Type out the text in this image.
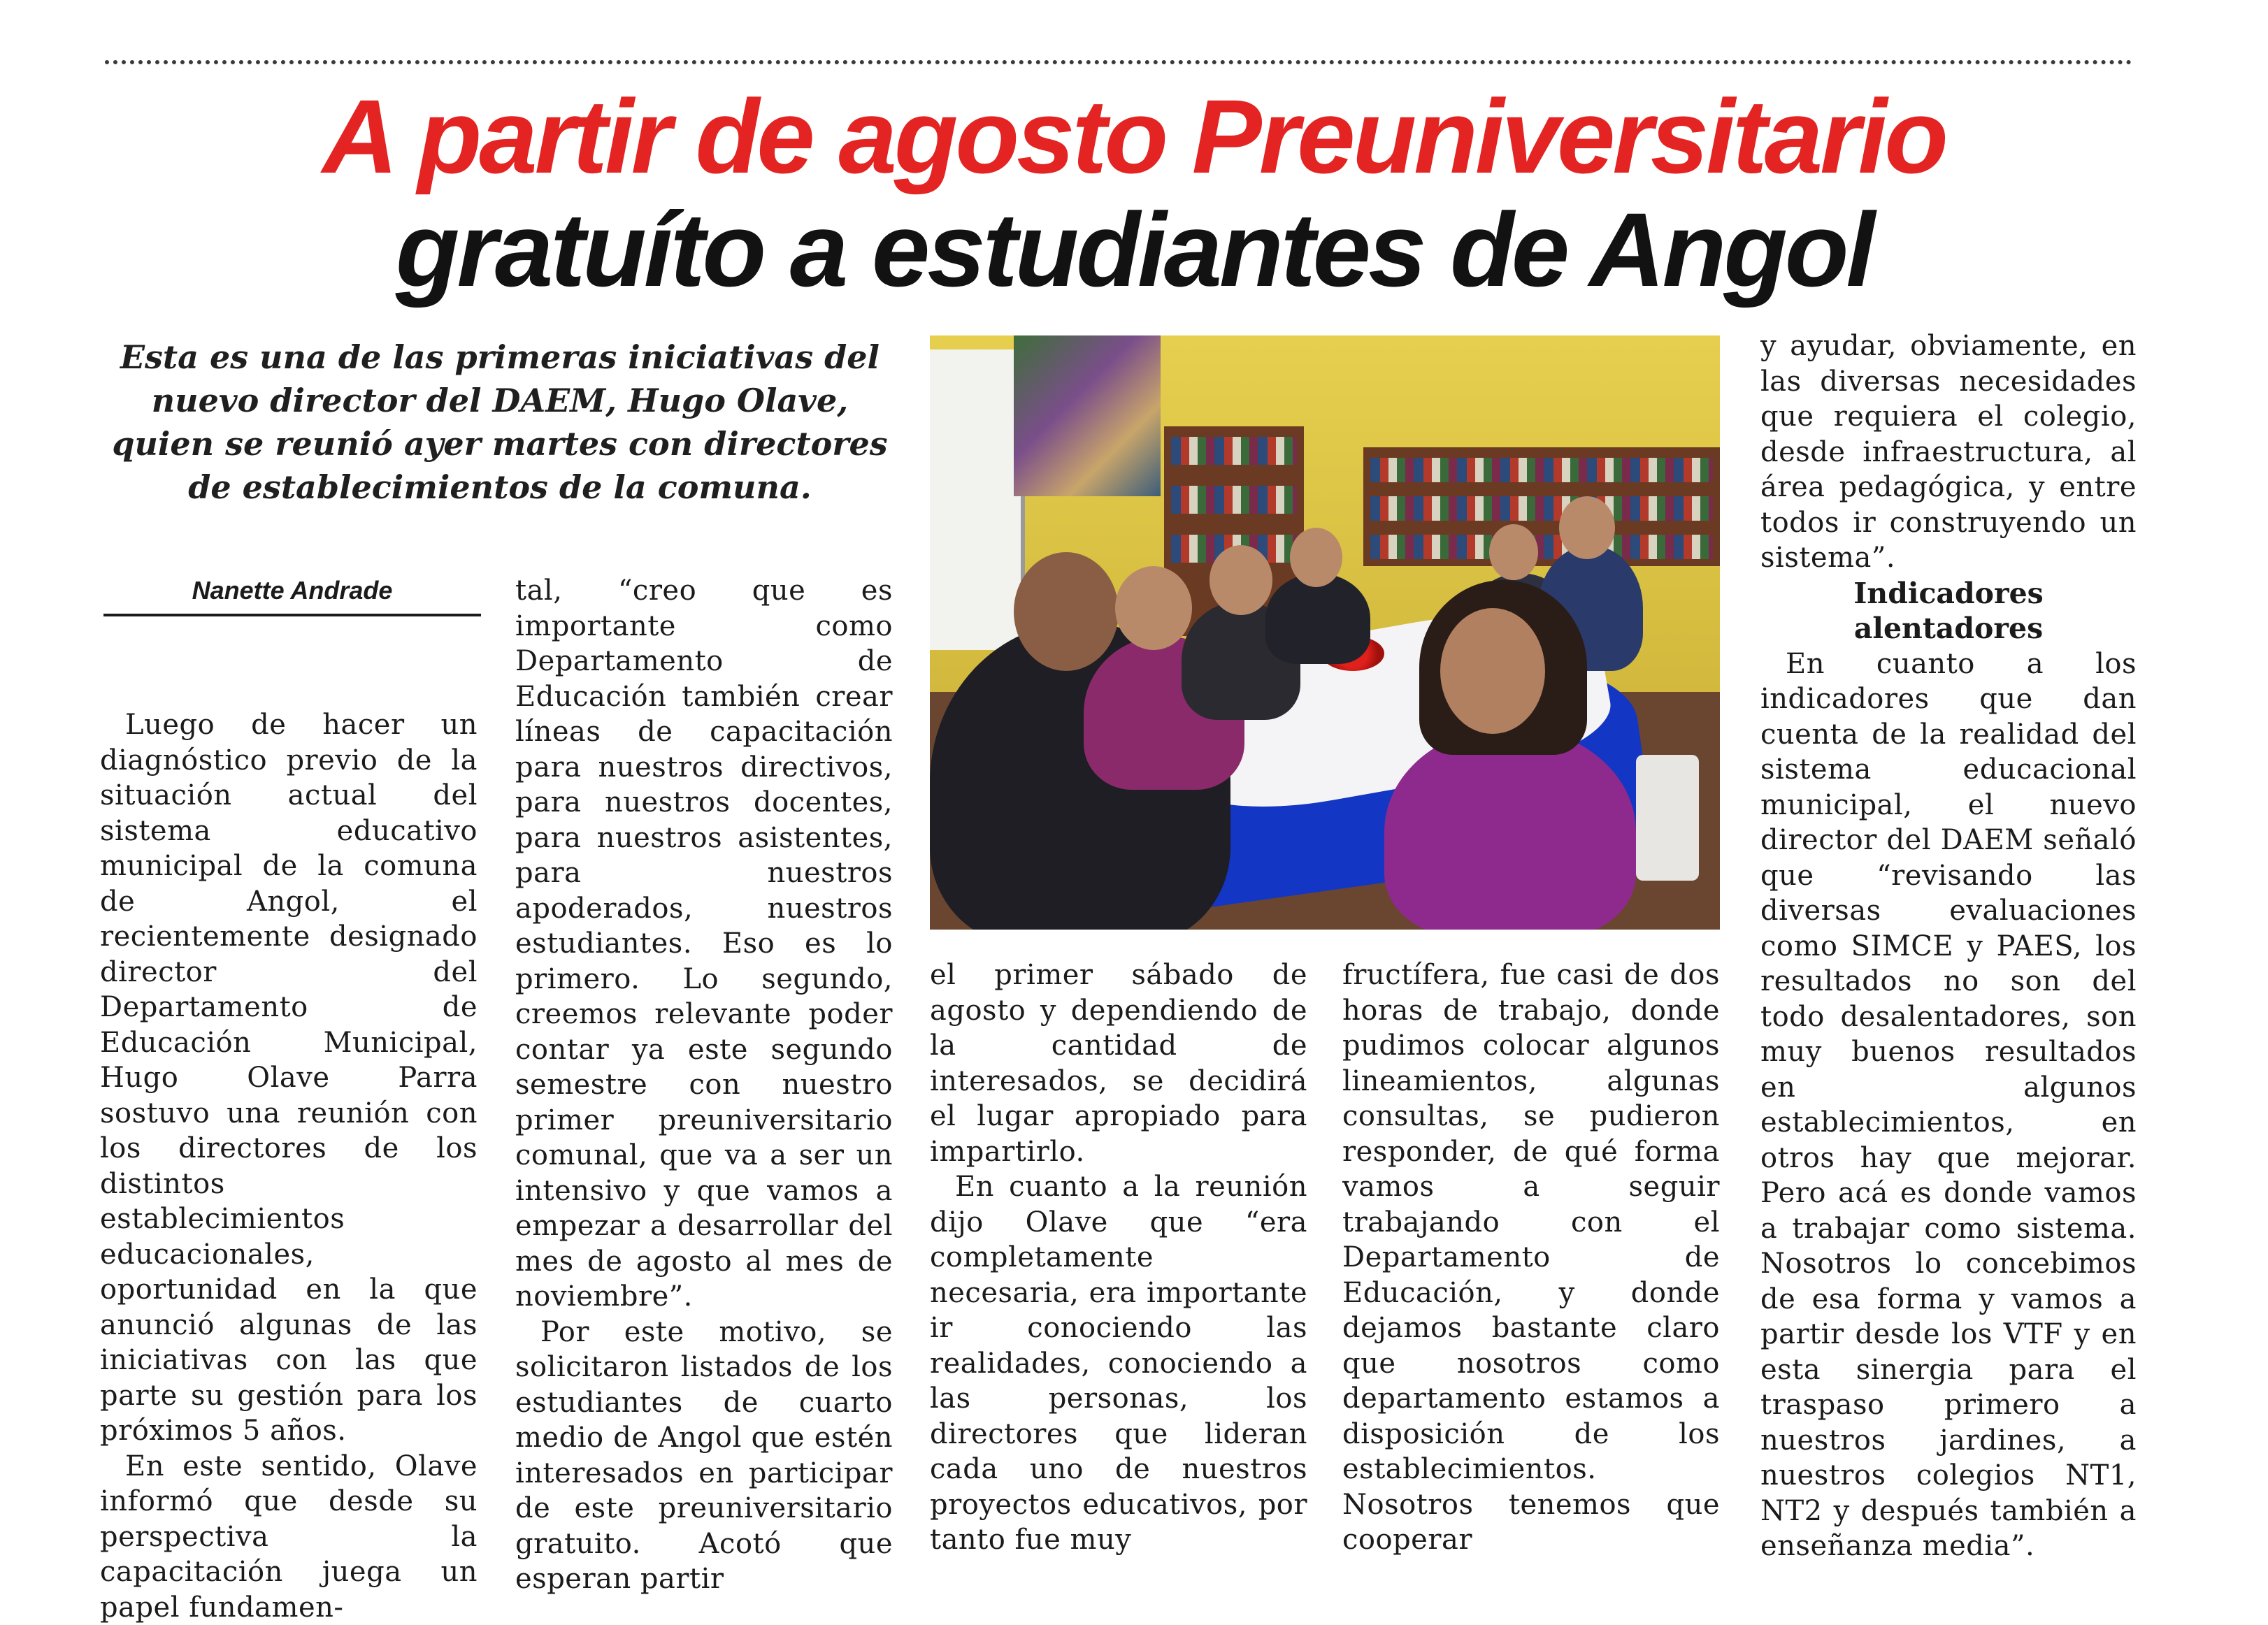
A partir de agosto Preuniversitario
gratuíto a estudiantes de Angol
Esta es una de las primeras iniciativas del nuevo director del DAEM, Hugo Olave, quien se reunió ayer martes con directores de establecimientos de la comuna.
Nanette Andrade

Luego de hacer un diagnóstico previo de la situación actual del sistema educativo municipal de la comuna de Angol, el recientemente designado director del Departamento de Educación Municipal, Hugo Olave Parra sostuvo una reunión con los directores de los distintos establecimientos educacionales, oportunidad en la que anunció algunas de las iniciativas con las que parte su gestión para los próximos 5 años.

En este sentido, Olave informó que desde su perspectiva la capacitación juega un papel fundamen-

tal, “creo que es importante como Departamento de Educación también crear líneas de capacitación para nuestros directivos, para nuestros docentes, para nuestros asistentes, para nuestros apoderados, nuestros estudiantes. Eso es lo primero. Lo segundo, creemos relevante poder contar ya este segundo semestre con nuestro primer preuniversitario comunal, que va a ser un intensivo y que vamos a empezar a desarrollar del mes de agosto al mes de noviembre”.

Por este motivo, se solicitaron listados de los estudiantes de cuarto medio de Angol que estén interesados en participar de este preuniversitario gratuito. Acotó que esperan partir

el primer sábado de agosto y dependiendo de la cantidad de interesados, se decidirá el lugar apropiado para impartirlo.

En cuanto a la reunión dijo Olave que “era completamente necesaria, era importante ir conociendo las realidades, conociendo a las personas, los directores que lideran cada uno de nuestros proyectos educativos, por tanto fue muy

fructífera, fue casi de dos horas de trabajo, donde pudimos colocar algunos lineamientos, algunas consultas, se pudieron responder, de qué forma vamos a seguir trabajando con el Departamento de Educación, y donde dejamos bastante claro que nosotros como departamento estamos a disposición de los establecimientos. Nosotros tenemos que cooperar

y ayudar, obviamente, en las diversas necesidades que requiera el colegio, desde infraestructura, al área pedagógica, y entre todos ir construyendo un sistema”.

Indicadores alentadores

En cuanto a los indicadores que dan cuenta de la realidad del sistema educacional municipal, el nuevo director del DAEM señaló que “revisando las diversas evaluaciones como SIMCE y PAES, los resultados no son del todo desalentadores, son muy buenos resultados en algunos establecimientos, en otros hay que mejorar. Pero acá es donde vamos a trabajar como sistema. Nosotros lo concebimos de esa forma y vamos a partir desde los VTF y en esta sinergia para el traspaso primero a nuestros jardines, a nuestros colegios NT1, NT2 y después también a enseñanza media”.
